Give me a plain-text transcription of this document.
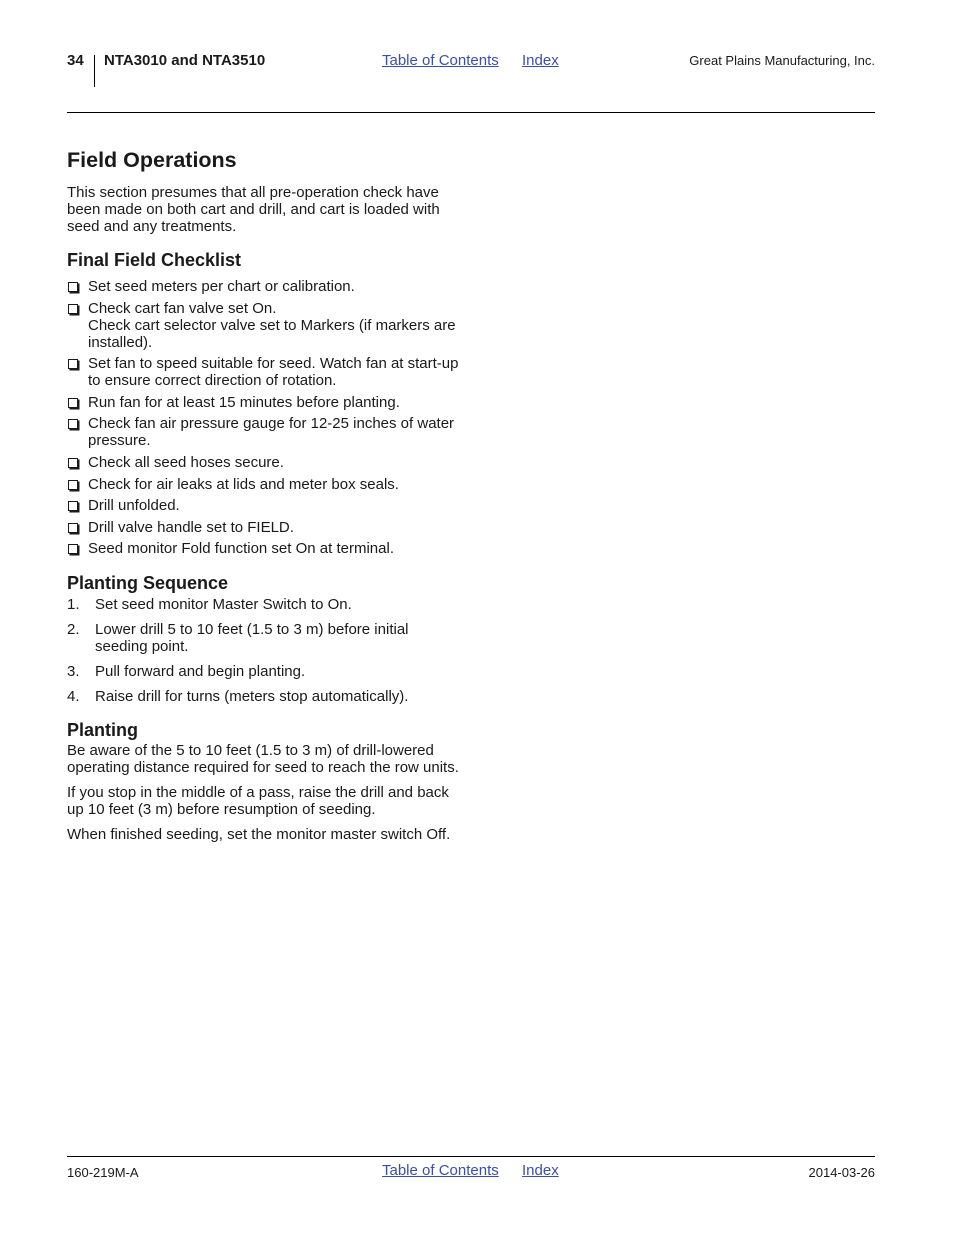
34 NTA3010 and NTA3510	Table of Contents Index	Great Plains Manufacturing, Inc.
Field Operations

This section presumes that all pre-operation check have been made on both cart and drill, and cart is loaded with seed and any treatments.

Final Field Checklist
Set seed meters per chart or calibration.
Check cart fan valve set On.
Check cart selector valve set to Markers (if markers are installed).
Set fan to speed suitable for seed. Watch fan at start-up to ensure correct direction of rotation.
Run fan for at least 15 minutes before planting.
Check fan air pressure gauge for 12-25 inches of water pressure.
Check all seed hoses secure.
Check for air leaks at lids and meter box seals.
Drill unfolded.
Drill valve handle set to FIELD.
Seed monitor Fold function set On at terminal.
Planting Sequence
1. Set seed monitor Master Switch to On.
2. Lower drill 5 to 10 feet (1.5 to 3 m) before initial seeding point.
3. Pull forward and begin planting.
4. Raise drill for turns (meters stop automatically).
Planting

Be aware of the 5 to 10 feet (1.5 to 3 m) of drill-lowered operating distance required for seed to reach the row units.

If you stop in the middle of a pass, raise the drill and back up 10 feet (3 m) before resumption of seeding.

When finished seeding, set the monitor master switch Off.

160-219M-A	Table of Contents Index	2014-03-26
